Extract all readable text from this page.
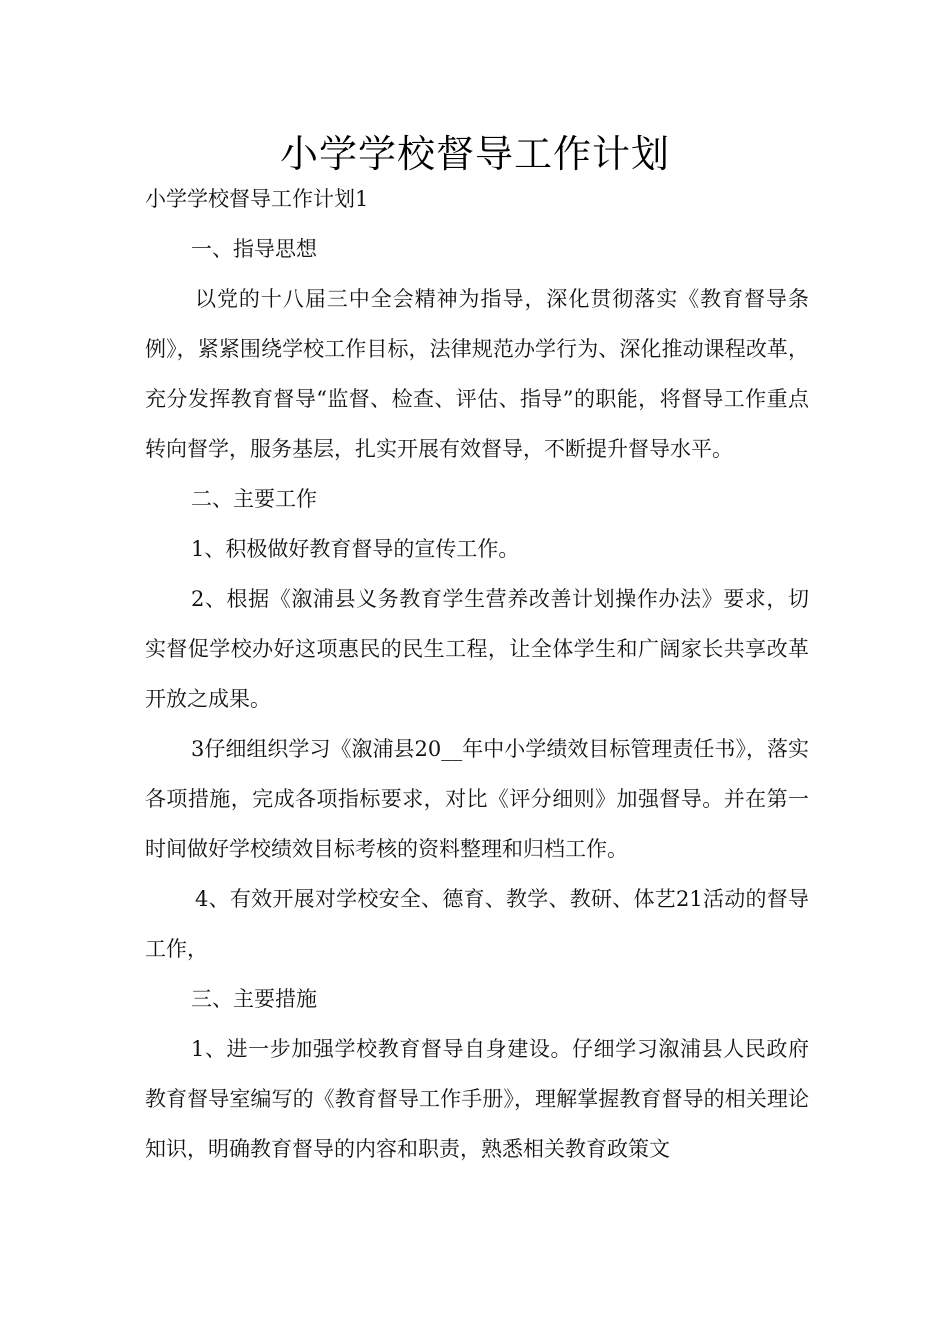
小学学校督导工作计划

小学学校督导工作计划1

一、指导思想

以党的十八届三中全会精神为指导，深化贯彻落实《教育督导条例》，紧紧围绕学校工作目标，法律规范办学行为、深化推动课程改革，充分发挥教育督导“监督、检查、评估、指导”的职能，将督导工作重点转向督学，服务基层，扎实开展有效督导，不断提升督导水平。

二、主要工作

1、积极做好教育督导的宣传工作。

2、根据《溆浦县义务教育学生营养改善计划操作办法》要求，切实督促学校办好这项惠民的民生工程，让全体学生和广阔家长共享改革开放之成果。

3仔细组织学习《溆浦县20__年中小学绩效目标管理责任书》，落实各项措施，完成各项指标要求，对比《评分细则》加强督导。并在第一时间做好学校绩效目标考核的资料整理和归档工作。

4、有效开展对学校安全、德育、教学、教研、体艺21活动的督导工作，

三、主要措施

1、进一步加强学校教育督导自身建设。仔细学习溆浦县人民政府教育督导室编写的《教育督导工作手册》，理解掌握教育督导的相关理论知识，明确教育督导的内容和职责，熟悉相关教育政策文
